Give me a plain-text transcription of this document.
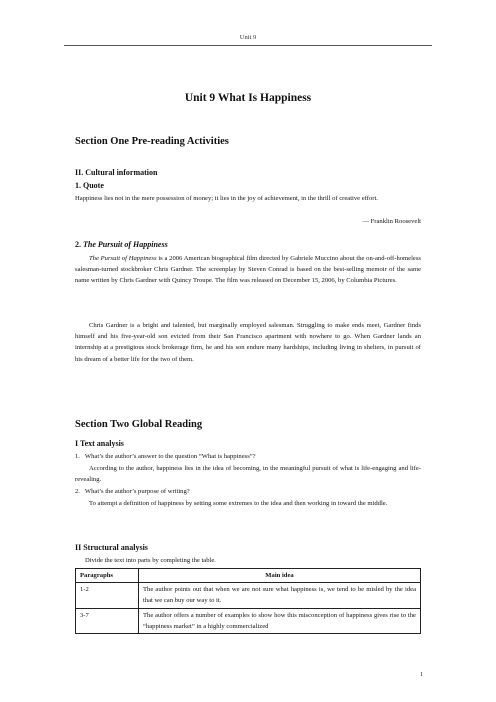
Unit 9
Unit 9 What Is Happiness
Section One Pre-reading Activities
II. Cultural information
1. Quote
Happiness lies not in the mere possession of money; it lies in the joy of achievement, in the thrill of creative effort.
— Franklin Roosevelt
2. The Pursuit of Happiness
The Pursuit of Happiness is a 2006 American biographical film directed by Gabriele Muccino about the on-and-off-homeless salesman-turned stockbroker Chris Gardner. The screenplay by Steven Conrad is based on the best-selling memoir of the same name written by Chris Gardner with Quincy Troupe. The film was released on December 15, 2006, by Columbia Pictures.
Chris Gardner is a bright and talented, but marginally employed salesman. Struggling to make ends meet, Gardner finds himself and his five-year-old son evicted from their San Francisco apartment with nowhere to go. When Gardner lands an internship at a prestigious stock brokerage firm, he and his son endure many hardships, including living in shelters, in pursuit of his dream of a better life for the two of them.
Section Two Global Reading
I Text analysis
1.   What’s the author’s answer to the question “What is happiness”?
According to the author, happiness lies in the idea of becoming, in the meaningful pursuit of what is life-engaging and life-revealing.
2.   What’s the author’s purpose of writing?
To attempt a definition of happiness by setting some extremes to the idea and then working in toward the middle.
II Structural analysis
Divide the text into parts by completing the table.
Paragraphs	Main idea
1-2	The author points out that when we are not sure what happiness is, we tend to be misled by the idea that we can buy our way to it.
3-7	The author offers a number of examples to show how this misconception of happiness gives rise to the “happiness market” in a highly commercialized
1
